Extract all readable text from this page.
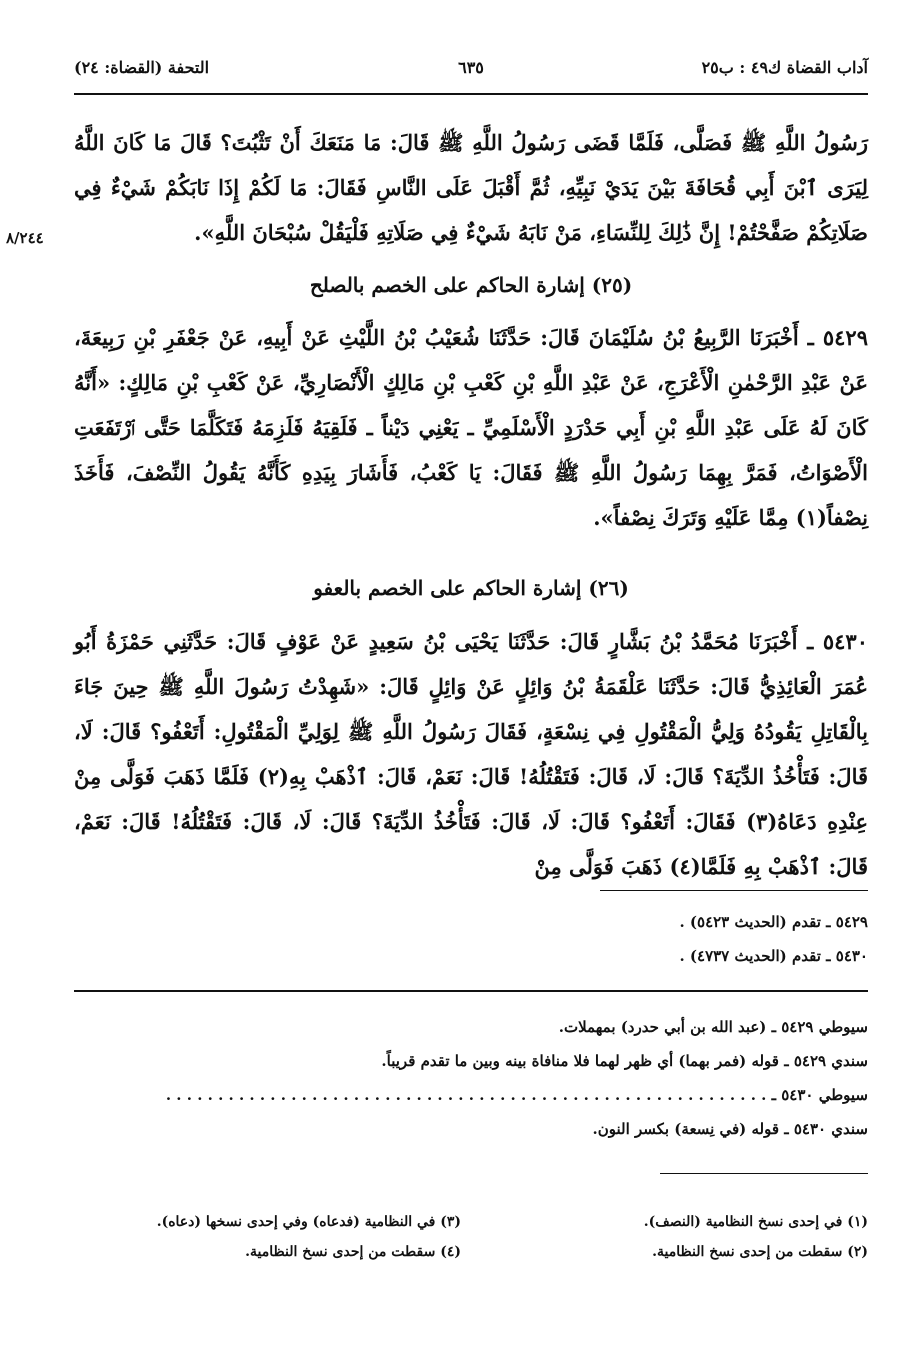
آداب القضاة ك٤٩ : ب٢٥
٦٣٥
التحفة (القضاة: ٢٤)
٨/٢٤٤

رَسُولُ اللَّهِ ﷺ فَصَلَّى، فَلَمَّا قَضَى رَسُولُ اللَّهِ ﷺ قَالَ: مَا مَنَعَكَ أَنْ تَثْبُتَ؟ قَالَ مَا كَانَ اللَّهُ لِيَرَى ٱبْنَ أَبِي قُحَافَةَ بَيْنَ يَدَيْ نَبِيِّهِ، ثُمَّ أَقْبَلَ عَلَى النَّاسِ فَقَالَ: مَا لَكُمْ إِذَا نَابَكُمْ شَيْءٌ فِي صَلَاتِكُمْ صَفَّحْتُمْ! إِنَّ ذَٰلِكَ لِلنِّسَاءِ، مَنْ نَابَهُ شَيْءٌ فِي صَلَاتِهِ فَلْيَقُلْ سُبْحَانَ اللَّهِ».

(٢٥) إشارة الحاكم على الخصم بالصلح

٥٤٢٩ ـ أَخْبَرَنَا الرَّبِيعُ بْنُ سُلَيْمَانَ قَالَ: حَدَّثَنَا شُعَيْبُ بْنُ اللَّيْثِ عَنْ أَبِيهِ، عَنْ جَعْفَرِ بْنِ رَبِيعَةَ، عَنْ عَبْدِ الرَّحْمٰنِ الْأَعْرَجِ، عَنْ عَبْدِ اللَّهِ بْنِ كَعْبِ بْنِ مَالِكٍ الْأَنْصَارِيِّ، عَنْ كَعْبِ بْنِ مَالِكٍ: «أَنَّهُ كَانَ لَهُ عَلَى عَبْدِ اللَّهِ بْنِ أَبِي حَدْرَدٍ الْأَسْلَمِيِّ ـ يَعْنِي دَيْناً ـ فَلَقِيَهُ فَلَزِمَهُ فَتَكَلَّمَا حَتَّى ٱرْتَفَعَتِ الْأَصْوَاتُ، فَمَرَّ بِهِمَا رَسُولُ اللَّهِ ﷺ فَقَالَ: يَا كَعْبُ، فَأَشَارَ بِيَدِهِ كَأَنَّهُ يَقُولُ النِّصْفَ، فَأَخَذَ نِصْفاً(١) مِمَّا عَلَيْهِ وَتَرَكَ نِصْفاً».

(٢٦) إشارة الحاكم على الخصم بالعفو

٥٤٣٠ ـ أَخْبَرَنَا مُحَمَّدُ بْنُ بَشَّارٍ قَالَ: حَدَّثَنَا يَحْيَى بْنُ سَعِيدٍ عَنْ عَوْفٍ قَالَ: حَدَّثَنِي حَمْزَةُ أَبُو عُمَرَ الْعَائِذِيُّ قَالَ: حَدَّثَنَا عَلْقَمَةُ بْنُ وَائِلٍ عَنْ وَائِلٍ قَالَ: «شَهِدْتُ رَسُولَ اللَّهِ ﷺ حِينَ جَاءَ بِالْقَاتِلِ يَقُودُهُ وَلِيُّ الْمَقْتُولِ فِي نِسْعَةٍ، فَقَالَ رَسُولُ اللَّهِ ﷺ لِوَلِيِّ الْمَقْتُولِ: أَتَعْفُو؟ قَالَ: لَا، قَالَ: فَتَأْخُذُ الدِّيَةَ؟ قَالَ: لَا، قَالَ: فَتَقْتُلُهُ! قَالَ: نَعَمْ، قَالَ: ٱذْهَبْ بِهِ(٢) فَلَمَّا ذَهَبَ فَوَلَّى مِنْ عِنْدِهِ دَعَاهُ(٣) فَقَالَ: أَتَعْفُو؟ قَالَ: لَا، قَالَ: فَتَأْخُذُ الدِّيَةَ؟ قَالَ: لَا، قَالَ: فَتَقْتُلُهُ! قَالَ: نَعَمْ، قَالَ: ٱذْهَبْ بِهِ فَلَمَّا(٤) ذَهَبَ فَوَلَّى مِنْ

٥٤٢٩ ـ تقدم (الحديث ٥٤٢٣) .

٥٤٣٠ ـ تقدم (الحديث ٤٧٣٧) .

سيوطي ٥٤٢٩ ـ (عبد الله بن أبي حدرد) بمهملات.

سندي ٥٤٢٩ ـ قوله (فمر بهما) أي ظهر لهما فلا منافاة بينه وبين ما تقدم قريباً.

سيوطي ٥٤٣٠ ـ . . . . . . . . . . . . . . . . . . . . . . . . . . . . . . . . . . . . . . . . . . . . . . . . . . . . . . . . . .

سندي ٥٤٣٠ ـ قوله (في نِسعة) بكسر النون.

(١) في إحدى نسخ النظامية (النصف).
(٣) في النظامية (فدعاه) وفي إحدى نسخها (دعاه).
(٢) سقطت من إحدى نسخ النظامية.
(٤) سقطت من إحدى نسخ النظامية.
